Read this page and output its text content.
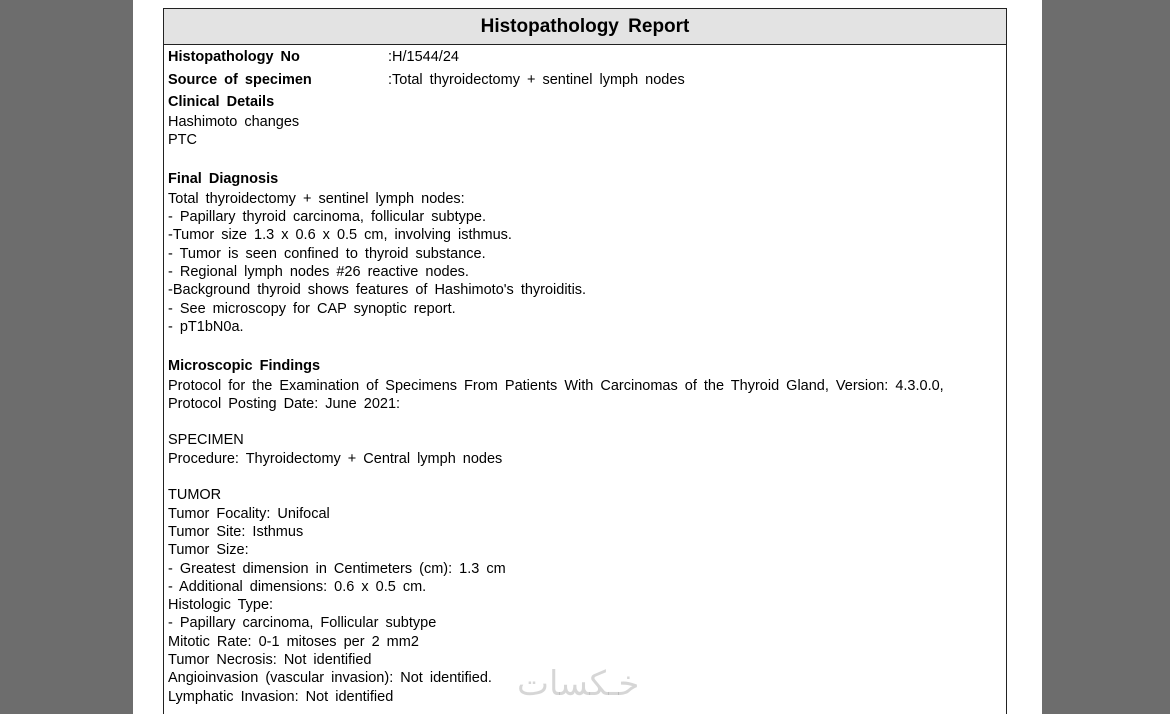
Histopathology Report
Histopathology No	:H/1544/24
Source of specimen	:Total thyroidectomy + sentinel lymph nodes
Clinical Details
Hashimoto changes
PTC
Final Diagnosis
Total thyroidectomy + sentinel lymph nodes:
- Papillary thyroid carcinoma, follicular subtype.
-Tumor size 1.3 x 0.6 x 0.5 cm, involving isthmus.
- Tumor is seen confined to thyroid substance.
- Regional lymph nodes #26 reactive nodes.
-Background thyroid shows features of Hashimoto's thyroiditis.
- See microscopy for CAP synoptic report.
- pT1bN0a.
Microscopic Findings
Protocol for the Examination of Specimens From Patients With Carcinomas of the Thyroid Gland, Version: 4.3.0.0, Protocol Posting Date: June 2021:
SPECIMEN
Procedure: Thyroidectomy + Central lymph nodes
TUMOR
Tumor Focality: Unifocal
Tumor Site: Isthmus
Tumor Size:
- Greatest dimension in Centimeters (cm): 1.3 cm
- Additional dimensions: 0.6 x 0.5 cm.
Histologic Type:
- Papillary carcinoma, Follicular subtype
Mitotic Rate: 0-1 mitoses per 2 mm2
Tumor Necrosis: Not identified
Angioinvasion (vascular invasion): Not identified.
Lymphatic Invasion: Not identified	خـكسات
